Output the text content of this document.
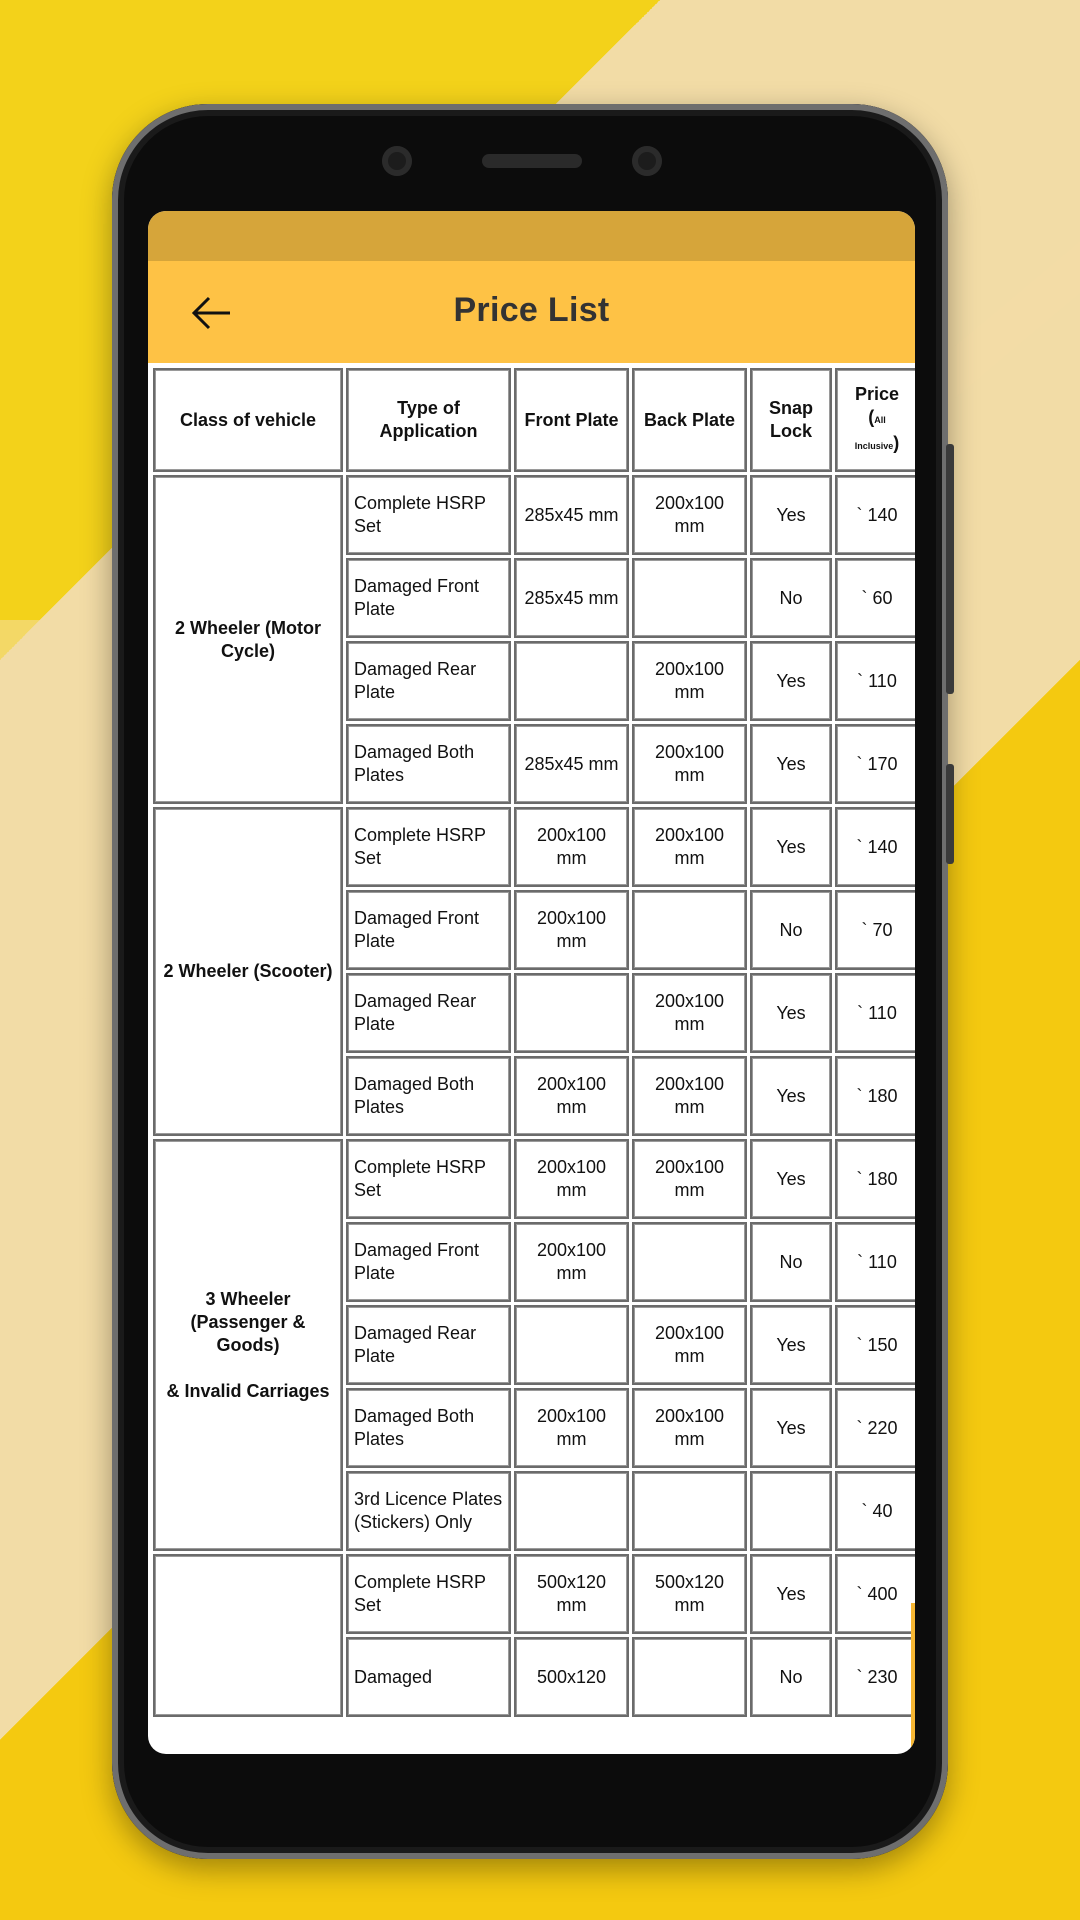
Price List
Class of vehicle	Type of Application	Front Plate	Back Plate	Snap Lock	Price
(All
Inclusive)

2 Wheeler (Motor Cycle)	Complete HSRP Set	285x45 mm	200x100 mm	Yes	` 140
	Damaged Front Plate	285x45 mm		No	` 60
	Damaged Rear Plate		200x100 mm	Yes	` 110
	Damaged Both Plates	285x45 mm	200x100 mm	Yes	` 170

2 Wheeler (Scooter)	Complete HSRP Set	200x100 mm	200x100 mm	Yes	` 140
	Damaged Front Plate	200x100 mm		No	` 70
	Damaged Rear Plate		200x100 mm	Yes	` 110
	Damaged Both Plates	200x100 mm	200x100 mm	Yes	` 180

3 Wheeler (Passenger & Goods)
& Invalid Carriages	Complete HSRP Set	200x100 mm	200x100 mm	Yes	` 180
	Damaged Front Plate	200x100 mm		No	` 110
	Damaged Rear Plate		200x100 mm	Yes	` 150
	Damaged Both Plates	200x100 mm	200x100 mm	Yes	` 220
	3rd Licence Plates (Stickers) Only				` 40

	Complete HSRP Set	500x120 mm	500x120 mm	Yes	` 400
	Damaged	500x120		No	` 230
